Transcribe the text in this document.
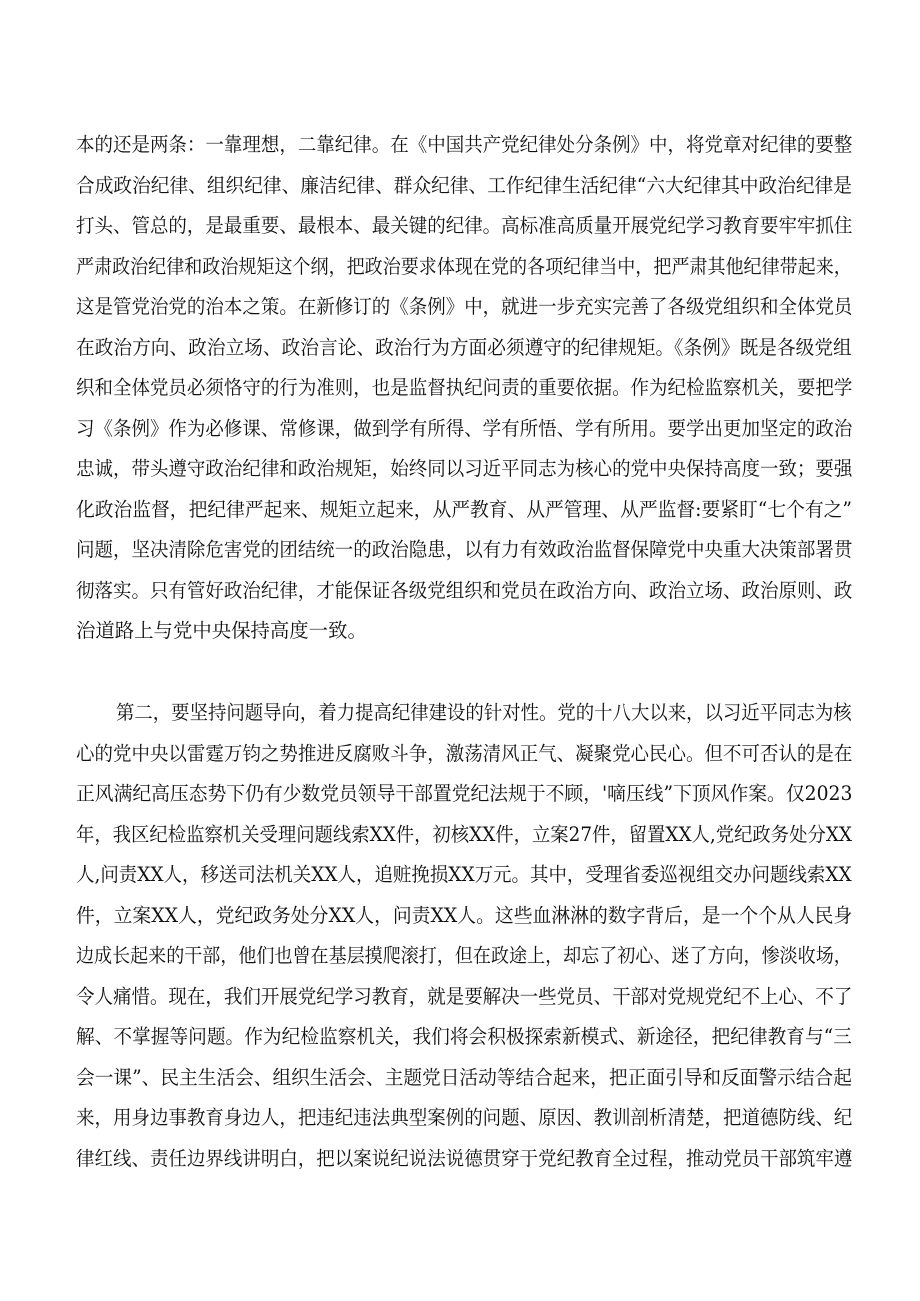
本的还是两条：一靠理想，二靠纪律。在《中国共产党纪律处分条例》中，将党章对纪律的要整
合成政治纪律、组织纪律、廉洁纪律、群众纪律、工作纪律生活纪律“六大纪律其中政治纪律是
打头、管总的，是最重要、最根本、最关键的纪律。高标准高质量开展党纪学习教育要牢牢抓住
严肃政治纪律和政治规矩这个纲，把政治要求体现在党的各项纪律当中，把严肃其他纪律带起来，
这是管党治党的治本之策。在新修订的《条例》中，就进一步充实完善了各级党组织和全体党员
在政治方向、政治立场、政治言论、政治行为方面必须遵守的纪律规矩。《条例》既是各级党组
织和全体党员必须恪守的行为准则，也是监督执纪问责的重要依据。作为纪检监察机关，要把学
习《条例》作为必修课、常修课，做到学有所得、学有所悟、学有所用。要学出更加坚定的政治
忠诚，带头遵守政治纪律和政治规矩，始终同以习近平同志为核心的党中央保持高度一致；要强
化政治监督，把纪律严起来、规矩立起来，从严教育、从严管理、从严监督:要紧盯“七个有之”
问题，坚决清除危害党的团结统一的政治隐患，以有力有效政治监督保障党中央重大决策部署贯
彻落实。只有管好政治纪律，才能保证各级党组织和党员在政治方向、政治立场、政治原则、政
治道路上与党中央保持高度一致。
第二，要坚持问题导向，着力提高纪律建设的针对性。党的十八大以来，以习近平同志为核
心的党中央以雷霆万钧之势推进反腐败斗争，激荡清风正气、凝聚党心民心。但不可否认的是在
正风满纪高压态势下仍有少数党员领导干部置党纪法规于不顾，'嘀压线”下顶风作案。仅2023
年，我区纪检监察机关受理问题线索XX件，初核XX件，立案27件，留置XX人,党纪政务处分XX
人,问责XX人，移送司法机关XX人，追赃挽损XX万元。其中，受理省委巡视组交办问题线索XX
件，立案XX人，党纪政务处分XX人，问责XX人。这些血淋淋的数字背后，是一个个从人民身
边成长起来的干部，他们也曾在基层摸爬滚打，但在政途上，却忘了初心、迷了方向，惨淡收场，
令人痛惜。现在，我们开展党纪学习教育，就是要解决一些党员、干部对党规党纪不上心、不了
解、不掌握等问题。作为纪检监察机关，我们将会积极探索新模式、新途径，把纪律教育与“三
会一课”、民主生活会、组织生活会、主题党日活动等结合起来，把正面引导和反面警示结合起
来，用身边事教育身边人，把违纪违法典型案例的问题、原因、教训剖析清楚，把道德防线、纪
律红线、责任边界线讲明白，把以案说纪说法说德贯穿于党纪教育全过程，推动党员干部筑牢遵
